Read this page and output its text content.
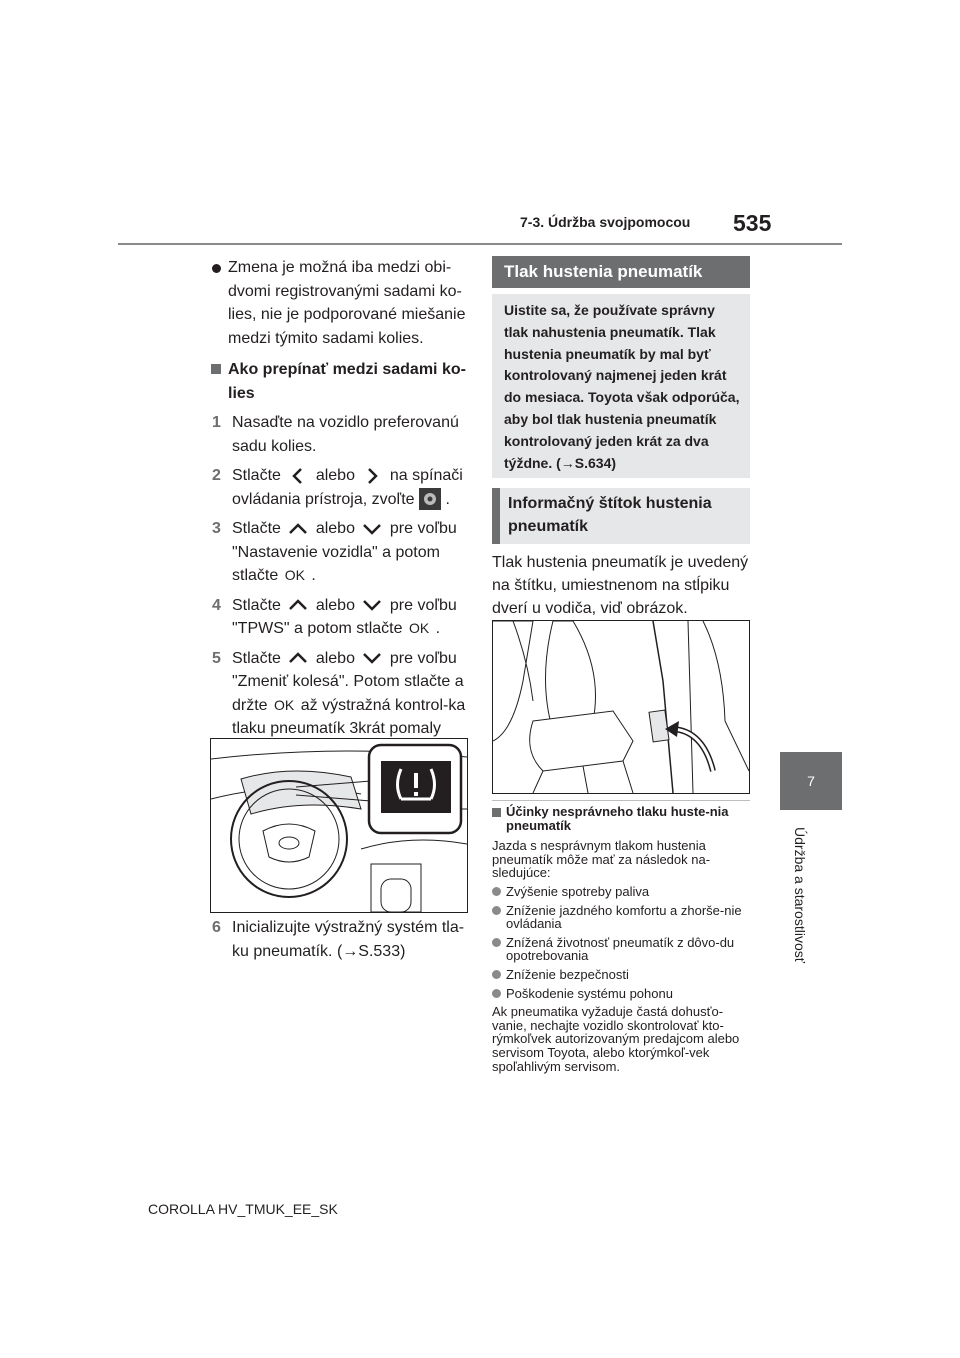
7-3. Údržba svojpomocou 535
7
Údržba a starostlivosť
Zmena je možná iba medzi obi-dvomi registrovanými sadami ko-lies, nie je podporované miešanie medzi týmito sadami kolies.
Ako prepínať medzi sadami ko-lies
1 Nasaďte na vozidlo preferovanú sadu kolies.
2 Stlačte alebo na spínači ovládania prístroja, zvoľte .
3 Stlačte alebo pre voľbu "Nastavenie vozidla" a potom stlačte OK .
4 Stlačte alebo pre voľbu "TPWS" a potom stlačte OK .
5 Stlačte alebo pre voľbu "Zmeniť kolesá". Potom stlačte a držte OK až výstražná kontrol-ka tlaku pneumatík 3krát pomaly
6 Inicializujte výstražný systém tla-ku pneumatík. (→S.533)
Tlak hustenia pneumatík
Uistite sa, že používate správny tlak nahustenia pneumatík. Tlak hustenia pneumatík by mal byť kontrolovaný najmenej jeden krát do mesiaca. Toyota však odporúča, aby bol tlak hustenia pneumatík kontrolovaný jeden krát za dva týždne. (→S.634)
Informačný štítok hustenia pneumatík
Tlak hustenia pneumatík je uvedený na štítku, umiestnenom na stĺpiku dverí u vodiča, viď obrázok.
Účinky nesprávneho tlaku huste-nia pneumatík
Jazda s nesprávnym tlakom hustenia pneumatík môže mať za následok na-sledujúce:
Zvýšenie spotreby paliva
Zníženie jazdného komfortu a zhorše-nie ovládania
Znížená životnosť pneumatík z dôvo-du opotrebovania
Zníženie bezpečnosti
Poškodenie systému pohonu
Ak pneumatika vyžaduje častá dohusťo-vanie, nechajte vozidlo skontrolovať kto-rýmkoľvek autorizovaným predajcom alebo servisom Toyota, alebo ktorýmkoľ-vek spoľahlivým servisom.
COROLLA HV_TMUK_EE_SK
